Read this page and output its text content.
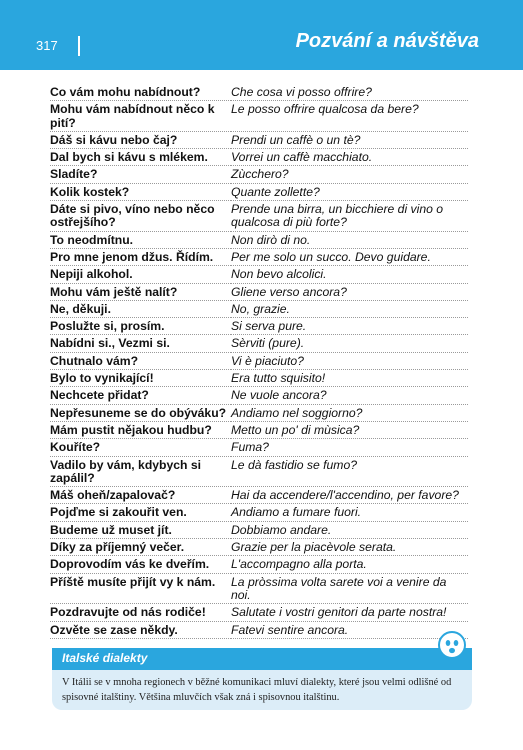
317	Pozvání a návštěva
Co vám mohu nabídnout?	Che cosa vi posso offrire?
Mohu vám nabídnout něco k pití?	Le posso offrire qualcosa da bere?
Dáš si kávu nebo čaj?	Prendi un caffè o un tè?
Dal bych si kávu s mlékem.	Vorrei un caffè macchiato.
Sladíte?	Zùcchero?
Kolik kostek?	Quante zollette?
Dáte si pivo, víno nebo něco ostřejšího?	Prende una birra, un bicchiere di vino o qualcosa di più forte?
To neodmítnu.	Non dirò di no.
Pro mne jenom džus. Řídím.	Per me solo un succo. Devo guidare.
Nepiji alkohol.	Non bevo alcolici.
Mohu vám ještě nalít?	Gliene verso ancora?
Ne, děkuji.	No, grazie.
Poslužte si, prosím.	Si serva pure.
Nabídni si., Vezmi si.	Sèrviti (pure).
Chutnalo vám?	Vi è piaciuto?
Bylo to vynikající!	Era tutto squisito!
Nechcete přidat?	Ne vuole ancora?
Nepřesuneme se do obýváku?	Andiamo nel soggiorno?
Mám pustit nějakou hudbu?	Metto un po' di mùsica?
Kouříte?	Fuma?
Vadilo by vám, kdybych si zapálil?	Le dà fastidio se fumo?
Máš oheň/zapalovač?	Hai da accendere/l'accendino, per favore?
Pojďme si zakouřit ven.	Andiamo a fumare fuori.
Budeme už muset jít.	Dobbiamo andare.
Díky za příjemný večer.	Grazie per la piacèvole serata.
Doprovodím vás ke dveřím.	L'accompagno alla porta.
Příště musíte přijít vy k nám.	La pròssima volta sarete voi a venire da noi.
Pozdravujte od nás rodiče!	Salutate i vostri genitori da parte nostra!
Ozvěte se zase někdy.	Fatevi sentire ancora.
Italské dialekty
V Itálii se v mnoha regionech v běžné komunikaci mluví dialekty, které jsou velmi odlišné od spisovné italštiny. Většina mluvčích však zná i spisovnou italštinu.
